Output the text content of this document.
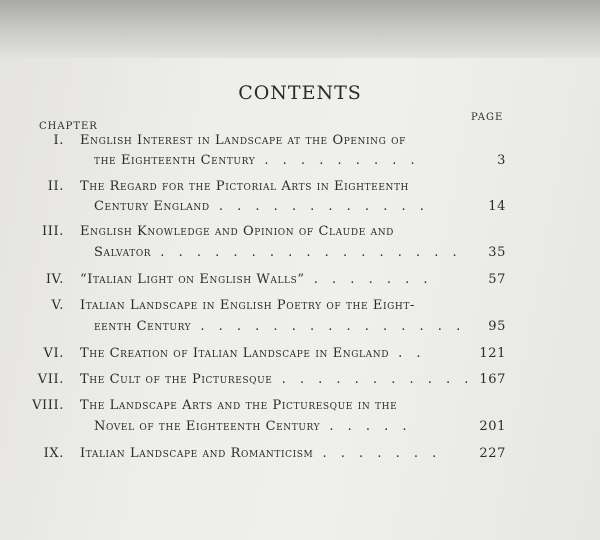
CONTENTS
CHAPTER
PAGE
I. English Interest in Landscape at the Opening of
the Eighteenth Century . . . . . . . . .	3
II. The Regard for the Pictorial Arts in Eighteenth
Century England . . . . . . . . . . . .	14
III. English Knowledge and Opinion of Claude and
Salvator . . . . . . . . . . . . . . . . .	35
IV. “Italian Light on English Walls” . . . . . . .	57
V. Italian Landscape in English Poetry of the Eight-
eenth Century . . . . . . . . . . . . . . .	95
VI. The Creation of Italian Landscape in England . .	121
VII. The Cult of the Picturesque . . . . . . . . . . . 167
VIII. The Landscape Arts and the Picturesque in the
Novel of the Eighteenth Century . . . . .	201
IX. Italian Landscape and Romanticism . . . . . . .	227
